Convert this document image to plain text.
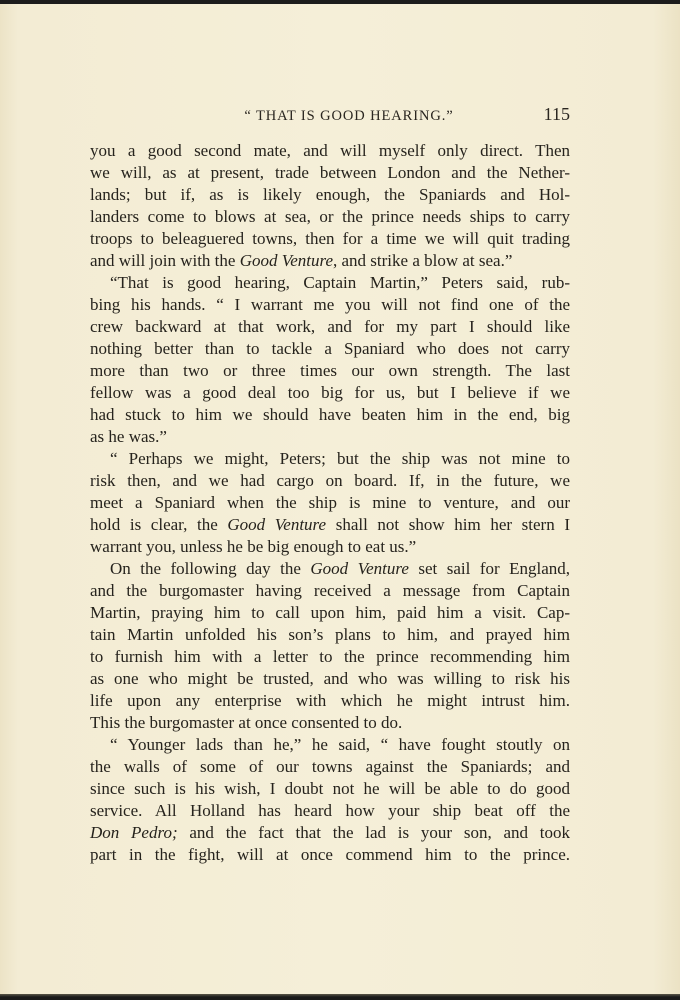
“ THAT IS GOOD HEARING.”	115
you a good second mate, and will myself only direct. Then
we will, as at present, trade between London and the Nether-
lands; but if, as is likely enough, the Spaniards and Hol-
landers come to blows at sea, or the prince needs ships to carry
troops to beleaguered towns, then for a time we will quit trading
and will join with the Good Venture, and strike a blow at sea.”
“That is good hearing, Captain Martin,” Peters said, rub-
bing his hands. “ I warrant me you will not find one of the
crew backward at that work, and for my part I should like
nothing better than to tackle a Spaniard who does not carry
more than two or three times our own strength. The last
fellow was a good deal too big for us, but I believe if we
had stuck to him we should have beaten him in the end, big
as he was.”
“ Perhaps we might, Peters; but the ship was not mine to
risk then, and we had cargo on board. If, in the future, we
meet a Spaniard when the ship is mine to venture, and our
hold is clear, the Good Venture shall not show him her stern I
warrant you, unless he be big enough to eat us.”
On the following day the Good Venture set sail for England,
and the burgomaster having received a message from Captain
Martin, praying him to call upon him, paid him a visit. Cap-
tain Martin unfolded his son’s plans to him, and prayed him
to furnish him with a letter to the prince recommending him
as one who might be trusted, and who was willing to risk his
life upon any enterprise with which he might intrust him.
This the burgomaster at once consented to do.
“ Younger lads than he,” he said, “ have fought stoutly on
the walls of some of our towns against the Spaniards; and
since such is his wish, I doubt not he will be able to do good
service. All Holland has heard how your ship beat off the
Don Pedro; and the fact that the lad is your son, and took
part in the fight, will at once commend him to the prince.
